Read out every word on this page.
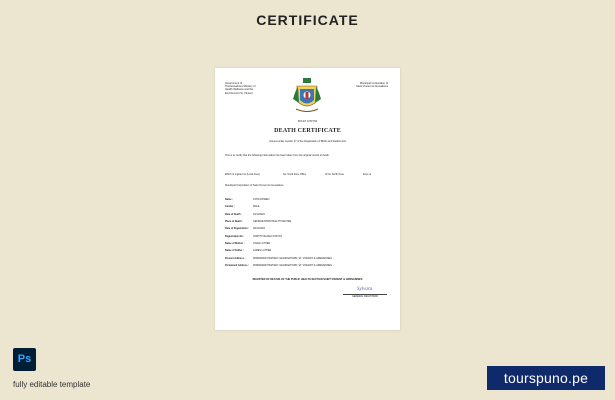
CERTIFICATE
Government of
TheGrenadines Ministry of
Health Wellness and the
Environment St. Vincent
PAX ET JUSTITIA
Municipal Corporation of
Saint Vincent & Grenadines
DEATH CERTIFICATE
(Issued under section 17 of the Registration of Births and Deaths Act)
This is to certify that the following information has been taken from the original record of death.
Which is register for [Local Area]	No. North Zone Office	of No. North Zone	Zone of
Municipal Corporation of Saint Vincent & Grenadines
Name :	JOHN DOWEN
Gender :	MALE
Date of Death :	15/11/2022
Place of Death :	GEORGETOWN HEALTH CENTRE
Date of Registration :	06/12/2022
Registration No :	NORTH-VR-2022-XXXXXX
Name of Mother :	LINDA LUTHER
Name of Father :	JAMES LUTHER
Present Address :	WINDWARD HIGHWAY, GEORGETOWN, ST. VINCENT & GRENADINES
Permanent Address :	WINDWARD HIGHWAY, GEORGETOWN, ST. VINCENT & GRENADINES
REGISTER OF DEATHS OF THE PUBLIC HEALTH SECTION SAINT VINCENT & GRENADINES
Sylvara
GENERAL REGISTRAR
Ps
fully editable template	tourspuno.pe
